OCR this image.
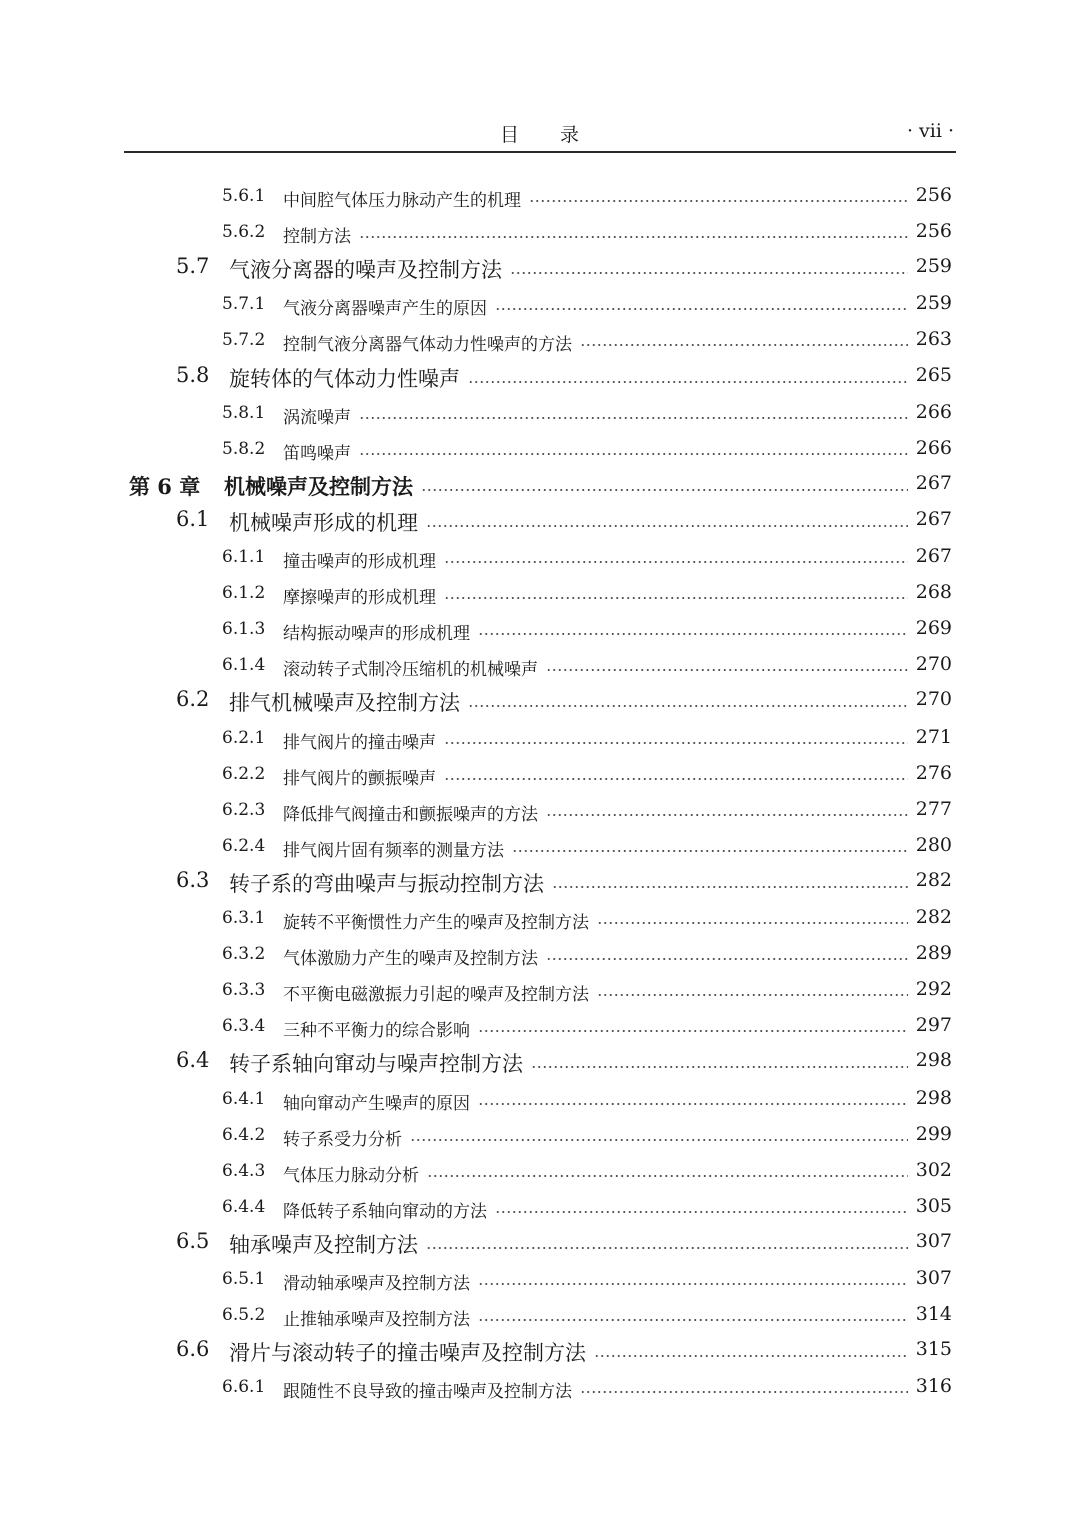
目　　录	· vii ·
5.6.1 中间腔气体压力脉动产生的机理	256
5.6.2 控制方法	256
5.7 气液分离器的噪声及控制方法	259
5.7.1 气液分离器噪声产生的原因	259
5.7.2 控制气液分离器气体动力性噪声的方法	263
5.8 旋转体的气体动力性噪声	265
5.8.1 涡流噪声	266
5.8.2 笛鸣噪声	266
第 6 章 机械噪声及控制方法	267
6.1 机械噪声形成的机理	267
6.1.1 撞击噪声的形成机理	267
6.1.2 摩擦噪声的形成机理	268
6.1.3 结构振动噪声的形成机理	269
6.1.4 滚动转子式制冷压缩机的机械噪声	270
6.2 排气机械噪声及控制方法	270
6.2.1 排气阀片的撞击噪声	271
6.2.2 排气阀片的颤振噪声	276
6.2.3 降低排气阀撞击和颤振噪声的方法	277
6.2.4 排气阀片固有频率的测量方法	280
6.3 转子系的弯曲噪声与振动控制方法	282
6.3.1 旋转不平衡惯性力产生的噪声及控制方法	282
6.3.2 气体激励力产生的噪声及控制方法	289
6.3.3 不平衡电磁激振力引起的噪声及控制方法	292
6.3.4 三种不平衡力的综合影响	297
6.4 转子系轴向窜动与噪声控制方法	298
6.4.1 轴向窜动产生噪声的原因	298
6.4.2 转子系受力分析	299
6.4.3 气体压力脉动分析	302
6.4.4 降低转子系轴向窜动的方法	305
6.5 轴承噪声及控制方法	307
6.5.1 滑动轴承噪声及控制方法	307
6.5.2 止推轴承噪声及控制方法	314
6.6 滑片与滚动转子的撞击噪声及控制方法	315
6.6.1 跟随性不良导致的撞击噪声及控制方法	316
